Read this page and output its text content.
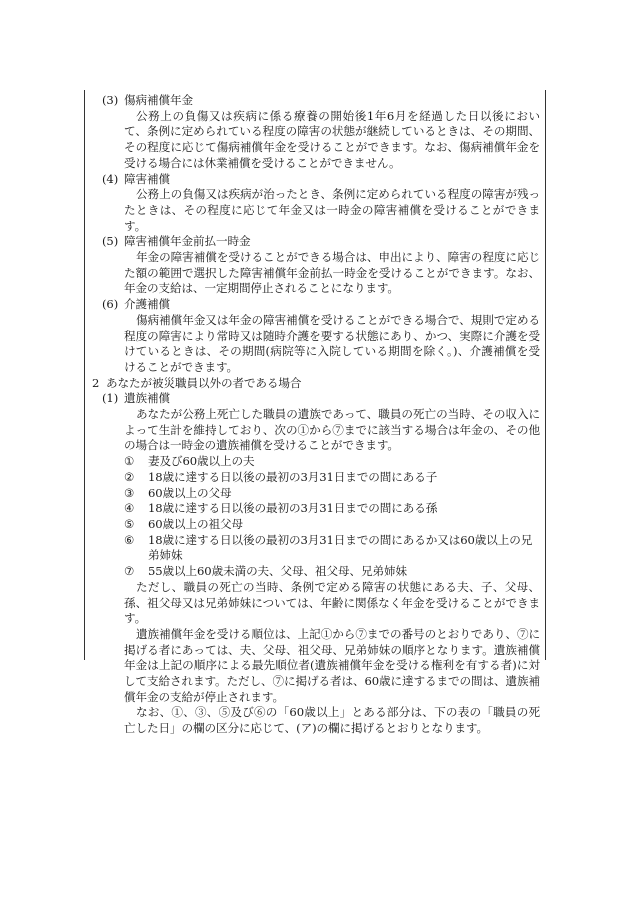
(3) 傷病補償年金
公務上の負傷又は疾病に係る療養の開始後1年6月を経過した日以後において、条例に定められている程度の障害の状態が継続しているときは、その期間、その程度に応じて傷病補償年金を受けることができます。なお、傷病補償年金を受ける場合には休業補償を受けることができません。
(4) 障害補償
公務上の負傷又は疾病が治ったとき、条例に定められている程度の障害が残ったときは、その程度に応じて年金又は一時金の障害補償を受けることができます。
(5) 障害補償年金前払一時金
年金の障害補償を受けることができる場合は、申出により、障害の程度に応じた額の範囲で選択した障害補償年金前払一時金を受けることができます。なお、年金の支給は、一定期間停止されることになります。
(6) 介護補償
傷病補償年金又は年金の障害補償を受けることができる場合で、規則で定める程度の障害により常時又は随時介護を要する状態にあり、かつ、実際に介護を受けているときは、その期間(病院等に入院している期間を除く。)、介護補償を受けることができます。
2 あなたが被災職員以外の者である場合
(1) 遺族補償
あなたが公務上死亡した職員の遺族であって、職員の死亡の当時、その収入によって生計を維持しており、次の①から⑦までに該当する場合は年金の、その他の場合は一時金の遺族補償を受けることができます。
①	妻及び60歳以上の夫
②	18歳に達する日以後の最初の3月31日までの間にある子
③	60歳以上の父母
④	18歳に達する日以後の最初の3月31日までの間にある孫
⑤	60歳以上の祖父母
⑥	18歳に達する日以後の最初の3月31日までの間にあるか又は60歳以上の兄弟姉妹
⑦	55歳以上60歳未満の夫、父母、祖父母、兄弟姉妹
ただし、職員の死亡の当時、条例で定める障害の状態にある夫、子、父母、孫、祖父母又は兄弟姉妹については、年齢に関係なく年金を受けることができます。
遺族補償年金を受ける順位は、上記①から⑦までの番号のとおりであり、⑦に掲げる者にあっては、夫、父母、祖父母、兄弟姉妹の順序となります。遺族補償年金は上記の順序による最先順位者(遺族補償年金を受ける権利を有する者)に対して支給されます。ただし、⑦に掲げる者は、60歳に達するまでの間は、遺族補償年金の支給が停止されます。
なお、①、③、⑤及び⑥の「60歳以上」とある部分は、下の表の「職員の死亡した日」の欄の区分に応じて、(ア)の欄に掲げるとおりとなります。
